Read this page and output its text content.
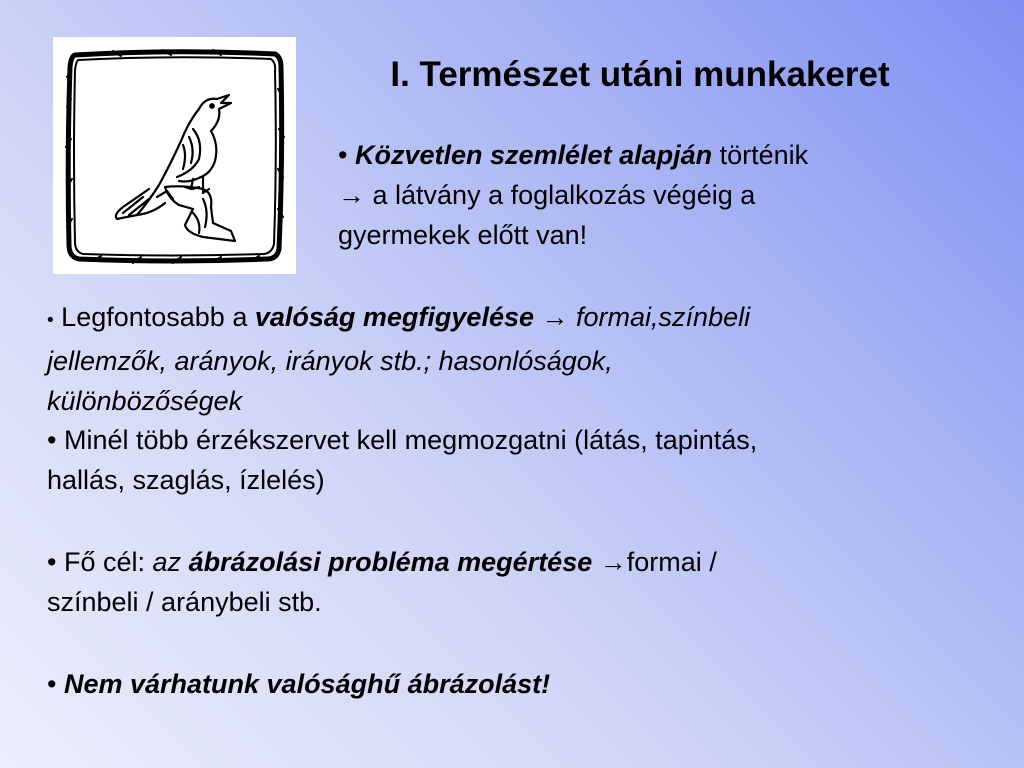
I. Természet utáni munkakeret
• Közvetlen szemlélet alapján történik
→ a látvány a foglalkozás végéig a
gyermekek előtt van!
• Legfontosabb a valóság megfigyelése → formai,színbeli
jellemzők, arányok, irányok stb.; hasonlóságok,
különbözőségek
• Minél több érzékszervet kell megmozgatni (látás, tapintás,
hallás, szaglás, ízlelés)
• Fő cél: az ábrázolási probléma megértése →formai /
színbeli / aránybeli stb.
• Nem várhatunk valósághű ábrázolást!
